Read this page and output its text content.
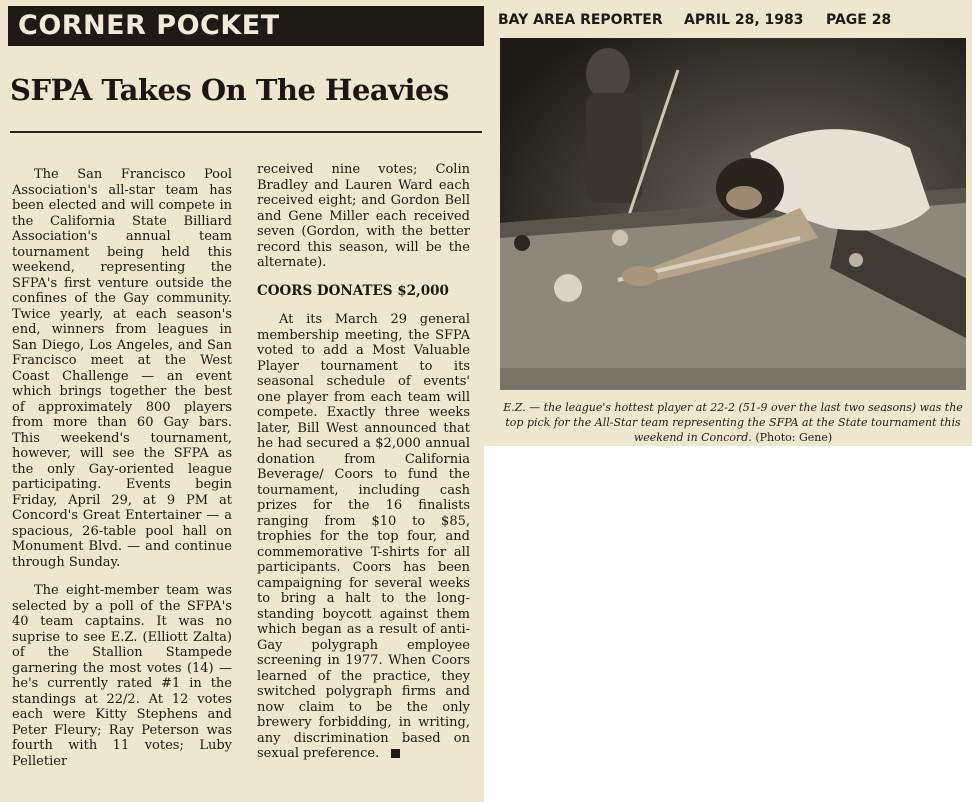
CORNER POCKET
SFPA Takes On The Heavies

The San Francisco Pool Association's all-star team has been elected and will compete in the California State Billiard Association's annual team tournament being held this weekend, representing the SFPA's first venture outside the confines of the Gay community. Twice yearly, at each season's end, winners from leagues in San Diego, Los Angeles, and San Francisco meet at the West Coast Challenge — an event which brings together the best of approximately 800 players from more than 60 Gay bars. This weekend's tournament, however, will see the SFPA as the only Gay-oriented league participating. Events begin Friday, April 29, at 9 PM at Concord's Great Entertainer — a spacious, 26-table pool hall on Monument Blvd. — and continue through Sunday.

The eight-member team was selected by a poll of the SFPA's 40 team captains. It was no suprise to see E.Z. (Elliott Zalta) of the Stallion Stampede garnering the most votes (14) — he's currently rated #1 in the standings at 22/2. At 12 votes each were Kitty Stephens and Peter Fleury; Ray Peterson was fourth with 11 votes; Luby Pelletier

received nine votes; Colin Bradley and Lauren Ward each received eight; and Gordon Bell and Gene Miller each received seven (Gordon, with the better record this season, will be the alternate).

COORS DONATES $2,000

At its March 29 general membership meeting, the SFPA voted to add a Most Valuable Player tournament to its seasonal schedule of events' one player from each team will compete. Exactly three weeks later, Bill West announced that he had secured a $2,000 annual donation from California Beverage/ Coors to fund the tournament, including cash prizes for the 16 finalists ranging from $10 to $85, trophies for the top four, and commemorative T-shirts for all participants. Coors has been campaigning for several weeks to bring a halt to the long-standing boycott against them which began as a result of anti-Gay polygraph employee screening in 1977. When Coors learned of the practice, they switched polygraph firms and now claim to be the only brewery forbidding, in writing, any discrimination based on sexual preference.

BAY AREA REPORTER APRIL 28, 1983 PAGE 28
E.Z. — the league's hottest player at 22-2 (51-9 over the last two seasons) was the top pick for the All-Star team representing the SFPA at the State tournament this weekend in Concord. (Photo: Gene)
